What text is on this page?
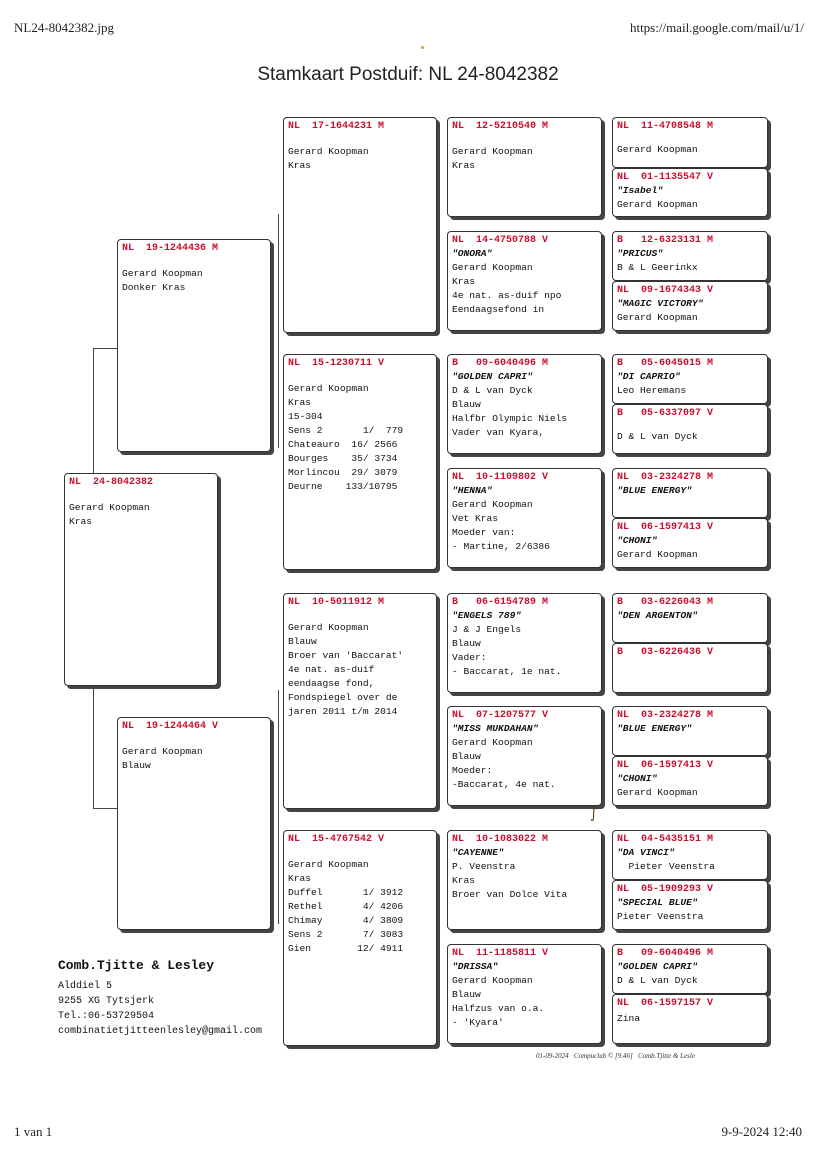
NL24-8042382.jpg	https://mail.google.com/mail/u/1/
1 van 1	9-9-2024 12:40
Stamkaart Postduif: NL 24-8042382
NL  24-8042382
Gerard Koopman
Kras
NL  19-1244436 M
Gerard Koopman
Donker Kras
NL  19-1244464 V
Gerard Koopman
Blauw
NL  17-1644231 M
Gerard Koopman
Kras
NL  15-1230711 V
Gerard Koopman
Kras
15-304
Sens 2       1/  779
Chateauro  16/ 2566
Bourges    35/ 3734
Morlincou  29/ 3079
Deurne    133/10795
NL  10-5011912 M
Gerard Koopman
Blauw
Broer van 'Baccarat'
4e nat. as-duif
eendaagse fond,
Fondspiegel over de
jaren 2011 t/m 2014
NL  15-4767542 V
Gerard Koopman
Kras
Duffel       1/ 3912
Rethel       4/ 4206
Chimay       4/ 3809
Sens 2       7/ 3083
Gien        12/ 4911
NL  12-5210540 M
Gerard Koopman
Kras
NL  14-4750788 V
"ONORA"
Gerard Koopman
Kras
4e nat. as-duif npo
Eendaagsefond in
B   09-6040496 M
"GOLDEN CAPRI"
D & L van Dyck
Blauw
Halfbr Olympic Niels
Vader van Kyara,
NL  10-1109802 V
"HENNA"
Gerard Koopman
Vet Kras
Moeder van:
- Martine, 2/6386
B   06-6154789 M
"ENGELS 789"
J & J Engels
Blauw
Vader:
- Baccarat, 1e nat.
NL  07-1207577 V
"MISS MUKDAHAN"
Gerard Koopman
Blauw
Moeder:
-Baccarat, 4e nat.
NL  10-1083022 M
"CAYENNE"
P. Veenstra
Kras
Broer van Dolce Vita
NL  11-1185811 V
"DRISSA"
Gerard Koopman
Blauw
Halfzus van o.a.
- 'Kyara'
NL  11-4708548 M
Gerard Koopman
NL  01-1135547 V
"Isabel"
Gerard Koopman
B   12-6323131 M
"PRICUS"
B & L Geerinkx
NL  09-1674343 V
"MAGIC VICTORY"
Gerard Koopman
B   05-6045015 M
"DI CAPRIO"
Leo Heremans
B   05-6337097 V
D & L van Dyck
NL  03-2324278 M
"BLUE ENERGY"
NL  06-1597413 V
"CHONI"
Gerard Koopman
B   03-6226043 M
"DEN ARGENTON"
B   03-6226436 V
NL  03-2324278 M
"BLUE ENERGY"
NL  06-1597413 V
"CHONI"
Gerard Koopman
NL  04-5435151 M
"DA VINCI"
Pieter Veenstra
NL  05-1909293 V
"SPECIAL BLUE"
Pieter Veenstra
B   09-6040496 M
"GOLDEN CAPRI"
D & L van Dyck
NL  06-1597157 V
Zina
∫
Comb.Tjitte & Lesley
Alddiel 5
9255 XG Tytsjerk
Tel.:06-53729504
combinatietjitteenlesley@gmail.com
01-09-2024   Compuclub © [9.46]   Comb.Tjitte & Lesle
